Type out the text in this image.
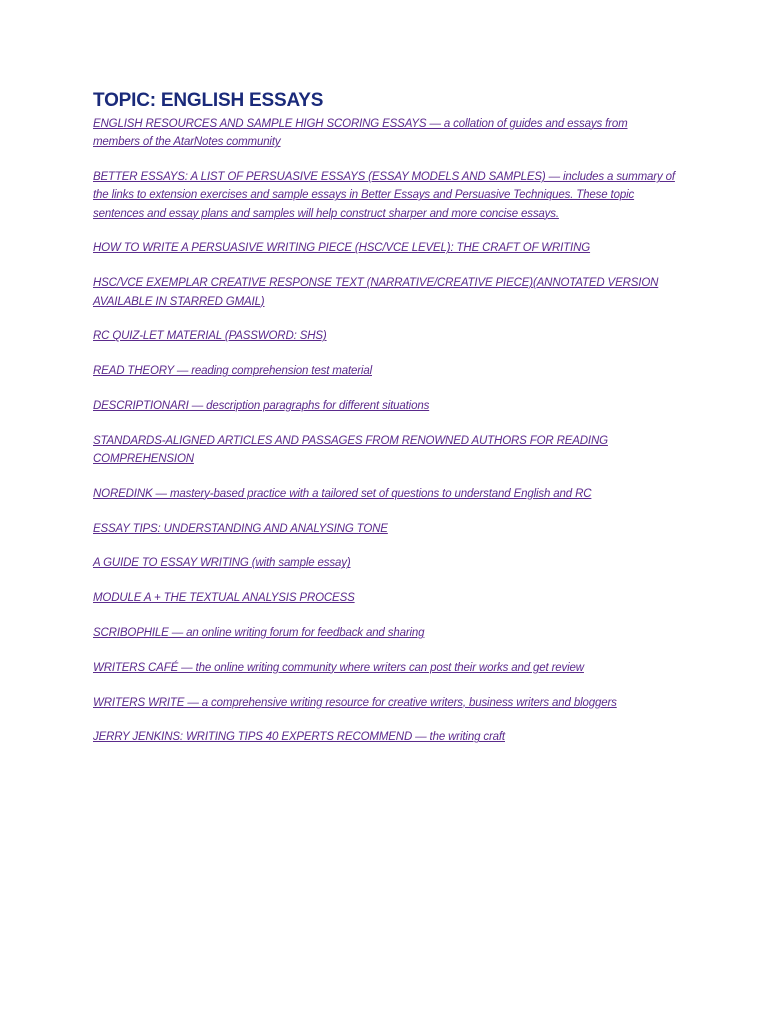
TOPIC: ENGLISH ESSAYS
ENGLISH RESOURCES AND SAMPLE HIGH SCORING ESSAYS — a collation of guides and essays from members of the AtarNotes community
BETTER ESSAYS: A LIST OF PERSUASIVE ESSAYS (ESSAY MODELS AND SAMPLES) — includes a summary of the links to extension exercises and sample essays in Better Essays and Persuasive Techniques. These topic sentences and essay plans and samples will help construct sharper and more concise essays.
HOW TO WRITE A PERSUASIVE WRITING PIECE (HSC/VCE LEVEL): THE CRAFT OF WRITING
HSC/VCE EXEMPLAR CREATIVE RESPONSE TEXT (NARRATIVE/CREATIVE PIECE)(ANNOTATED VERSION AVAILABLE IN STARRED GMAIL)
RC QUIZ-LET MATERIAL (PASSWORD: SHS)
READ THEORY — reading comprehension test material
DESCRIPTIONARI — description paragraphs for different situations
STANDARDS-ALIGNED ARTICLES AND PASSAGES FROM RENOWNED AUTHORS FOR READING COMPREHENSION
NOREDINK — mastery-based practice with a tailored set of questions to understand English and RC
ESSAY TIPS: UNDERSTANDING AND ANALYSING TONE
A GUIDE TO ESSAY WRITING (with sample essay)
MODULE A + THE TEXTUAL ANALYSIS PROCESS
SCRIBOPHILE — an online writing forum for feedback and sharing
WRITERS CAFÉ — the online writing community where writers can post their works and get review
WRITERS WRITE — a comprehensive writing resource for creative writers, business writers and bloggers
JERRY JENKINS: WRITING TIPS 40 EXPERTS RECOMMEND — the writing craft
